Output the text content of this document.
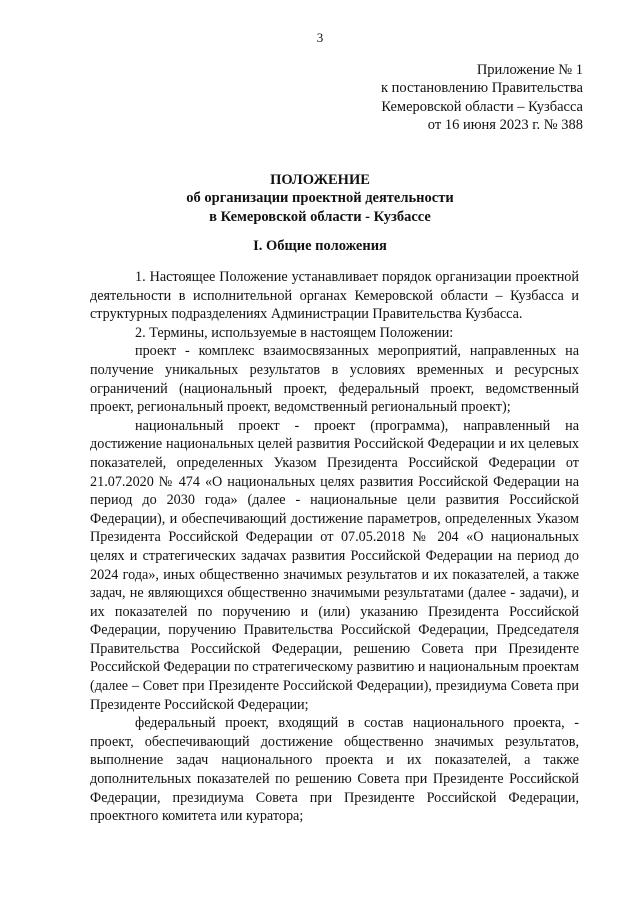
3
Приложение № 1
к постановлению Правительства
Кемеровской области – Кузбасса
от 16 июня 2023 г. № 388
ПОЛОЖЕНИЕ
об организации проектной деятельности
в Кемеровской области - Кузбассе
I. Общие положения

1. Настоящее Положение устанавливает порядок организации проектной деятельности в исполнительной органах Кемеровской области – Кузбасса и структурных подразделениях Администрации Правительства Кузбасса.

2. Термины, используемые в настоящем Положении:

проект - комплекс взаимосвязанных мероприятий, направленных на получение уникальных результатов в условиях временных и ресурсных ограничений (национальный проект, федеральный проект, ведомственный проект, региональный проект, ведомственный региональный проект);

национальный проект - проект (программа), направленный на достижение национальных целей развития Российской Федерации и их целевых показателей, определенных Указом Президента Российской Федерации от 21.07.2020 № 474 «О национальных целях развития Российской Федерации на период до 2030 года» (далее - национальные цели развития Российской Федерации), и обеспечивающий достижение параметров, определенных Указом Президента Российской Федерации от 07.05.2018 № 204 «О национальных целях и стратегических задачах развития Российской Федерации на период до 2024 года», иных общественно значимых результатов и их показателей, а также задач, не являющихся общественно значимыми результатами (далее - задачи), и их показателей по поручению и (или) указанию Президента Российской Федерации, поручению Правительства Российской Федерации, Председателя Правительства Российской Федерации, решению Совета при Президенте Российской Федерации по стратегическому развитию и национальным проектам (далее – Совет при Президенте Российской Федерации), президиума Совета при Президенте Российской Федерации;

федеральный проект, входящий в состав национального проекта, - проект, обеспечивающий достижение общественно значимых результатов, выполнение задач национального проекта и их показателей, а также дополнительных показателей по решению Совета при Президенте Российской Федерации, президиума Совета при Президенте Российской Федерации, проектного комитета или куратора;
